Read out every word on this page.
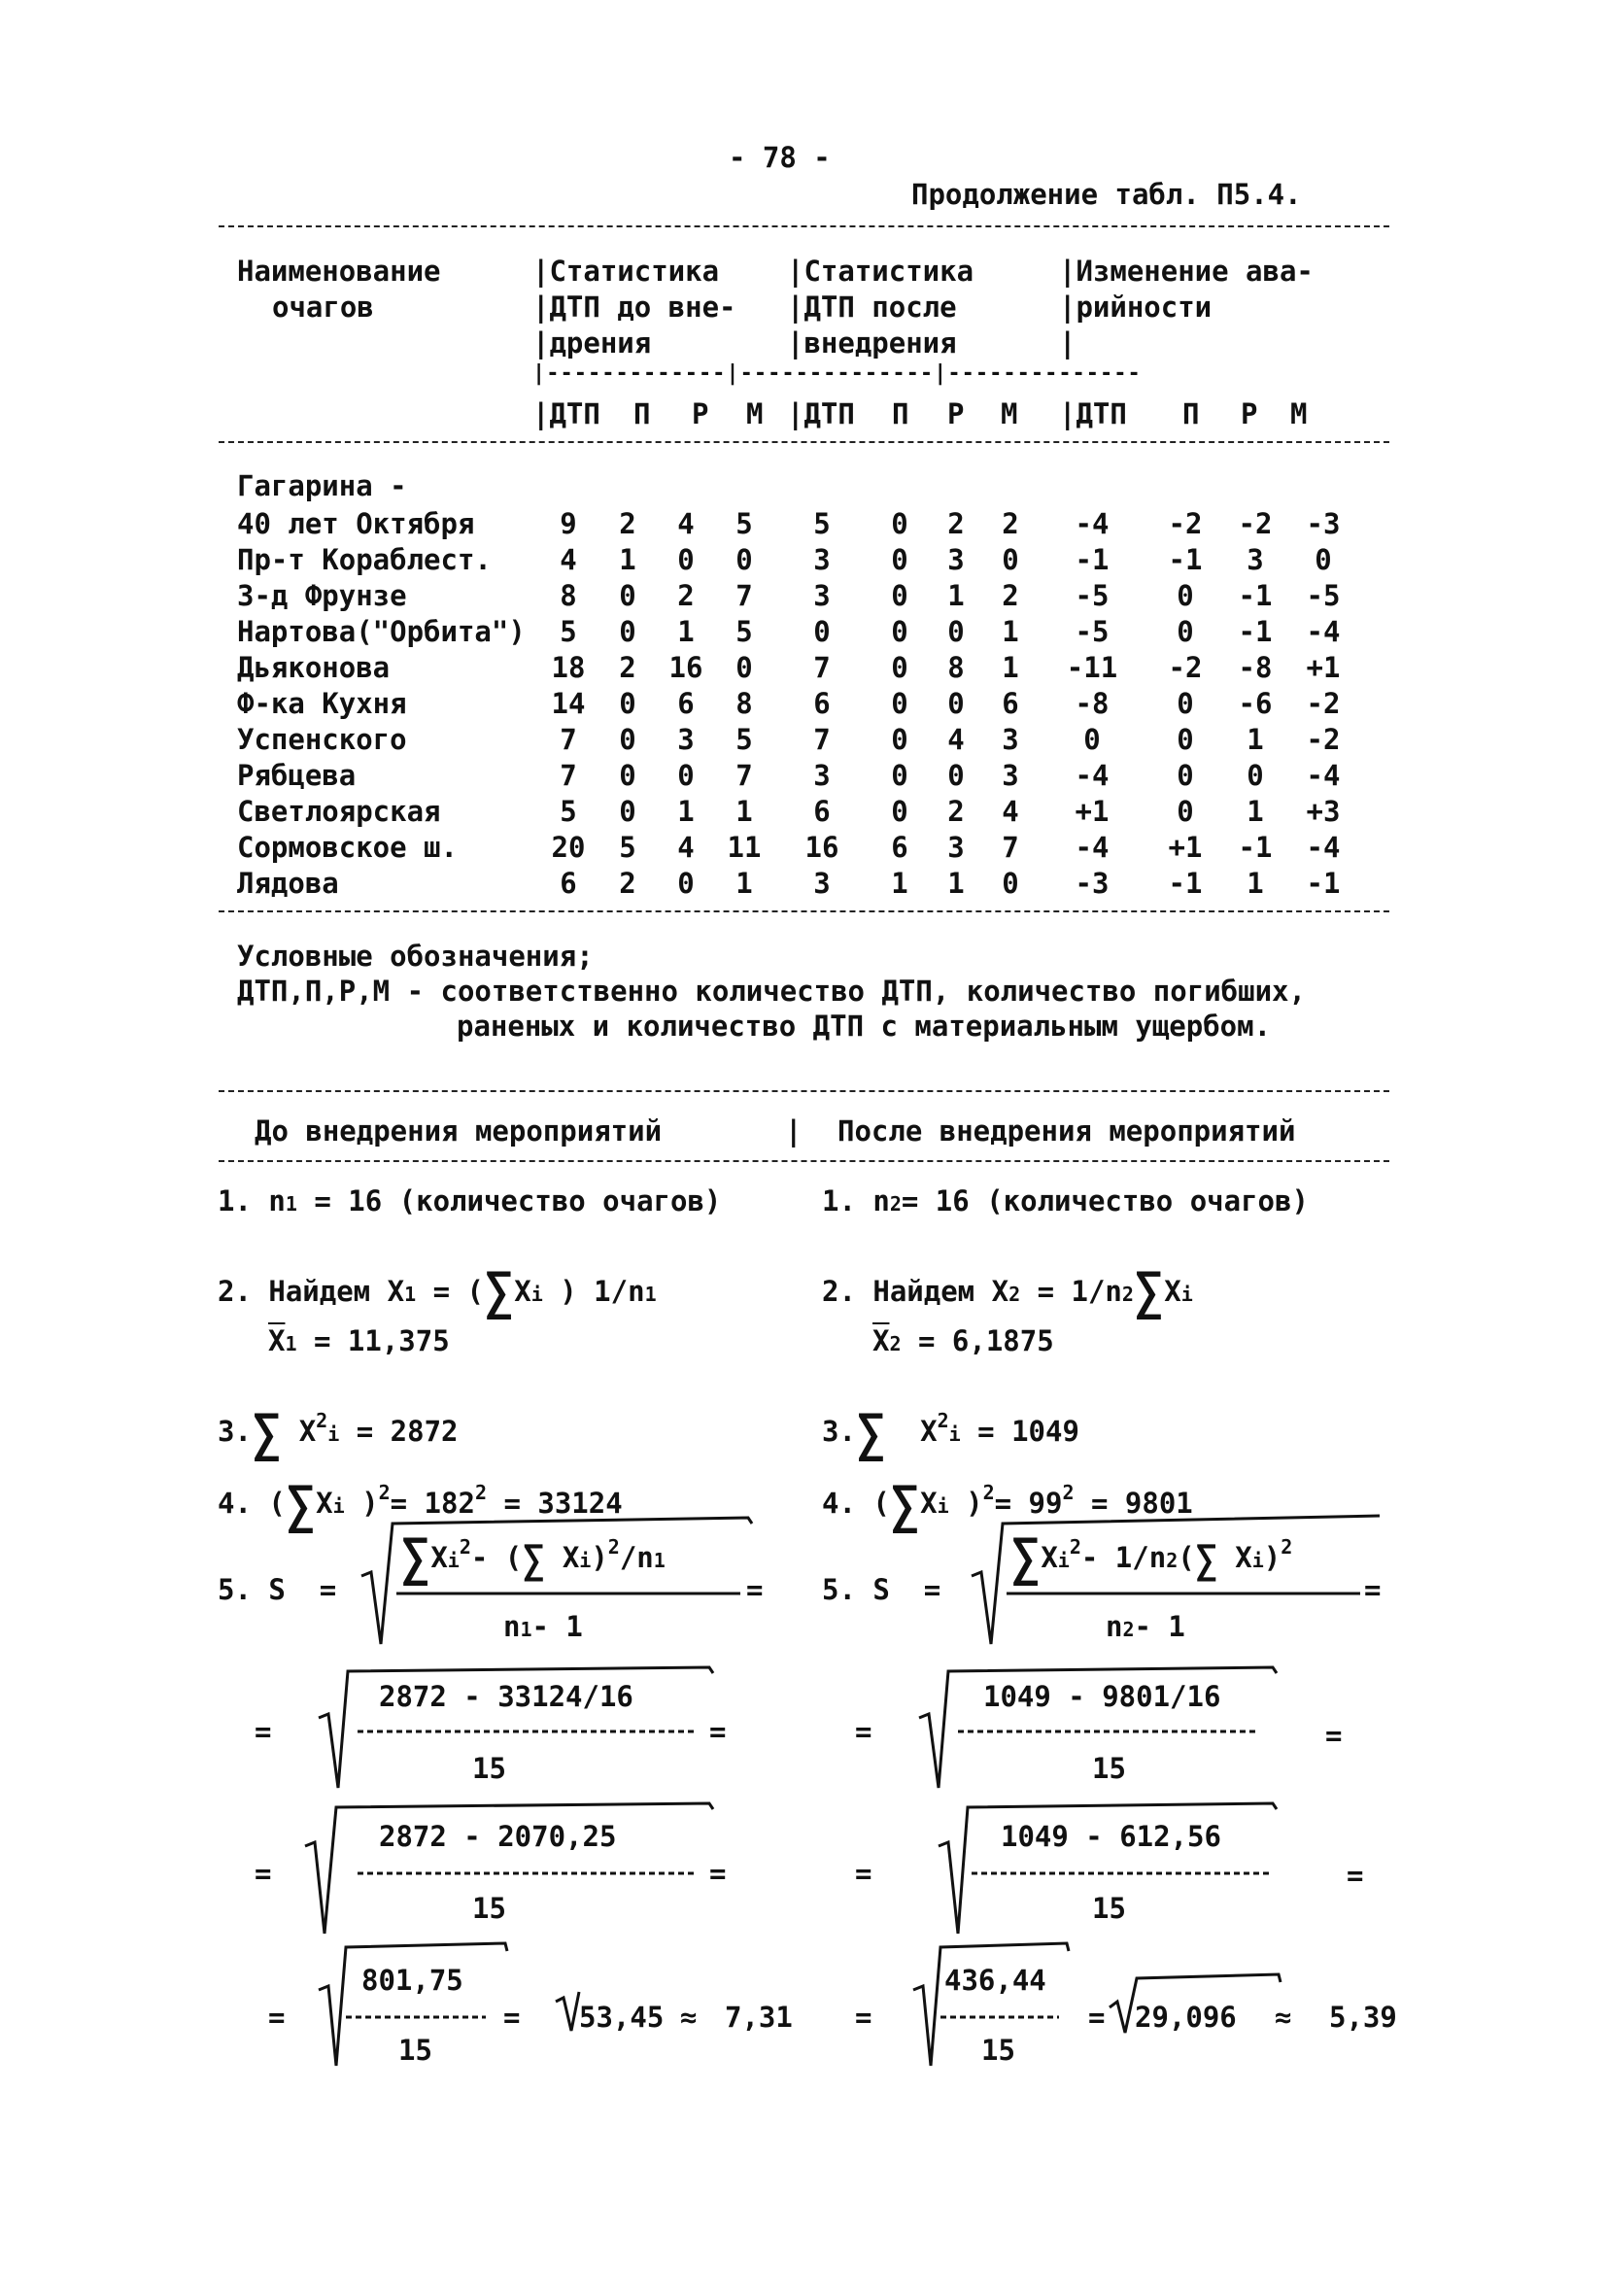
- 78 -
Продолжение табл. П5.4.
Наименование
очагов
|Статистика
|ДТП до вне-
|дрения
|Статистика
|ДТП после
|внедрения
|Изменение ава-
|рийности
|
|-------------|--------------|--------------
|ДТП П Р М |ДТП П Р М |ДТП П Р М
Гагарина -
40 лет Октября	9	2	4	5	5	0	2	2	-4	-2	-2	-3
Пр-т Кораблест.	4	1	0	0	3	0	3	0	-1	-1	3	0
З-д Фрунзе	8	0	2	7	3	0	1	2	-5	0	-1	-5
Нартова("Орбита")	5	0	1	5	0	0	0	1	-5	0	-1	-4
Дьяконова	18	2	16	0	7	0	8	1	-11	-2	-8	+1
Ф-ка Кухня	14	0	6	8	6	0	0	6	-8	0	-6	-2
Успенского	7	0	3	5	7	0	4	3	0	0	1	-2
Рябцева	7	0	0	7	3	0	0	3	-4	0	0	-4
Светлоярская	5	0	1	1	6	0	2	4	+1	0	1	+3
Сормовское ш.	20	5	4	11	16	6	3	7	-4	+1	-1	-4
Лядова	6	2	0	1	3	1	1	0	-3	-1	1	-1
Условные обозначения;
ДТП,П,Р,М - соответственно количество ДТП, количество погибших,
раненых и количество ДТП с материальным ущербом.
До внедрения мероприятий	| После внедрения мероприятий
1. n1 = 16 (количество очагов)
2. Найдем X1 = (∑Xi ) 1/n1
$\overline{X}1 = 11,375$
3.∑ $X^2i = 2872$
4. (∑Xi )$^2= 182^2 = 33124$
5. S  =
$\sum Xi^2-$ (∑ Xi)$^2$/n1
n1- 1
=
=
2872 - 33124/16
15
=
=
2872 - 2070,25
15
=
=
801,75
15
= 53,45 ≈ 7,31
1. n2= 16 (количество очагов)
2. Найдем X2 = 1/n2∑Xi
$\overline{X}2 = 6,1875$
3.∑ $X^2i = 1049$
4. (∑Xi )$^2= 99^2 = 9801$
5. S  =
$\sum Xi^2-$ 1/n2(∑ Xi)$^2$
n2- 1
=
=
1049 - 9801/16
15
=
=
1049 - 612,56
15
=
=
436,44
15
= 29,096 ≈ 5,39
